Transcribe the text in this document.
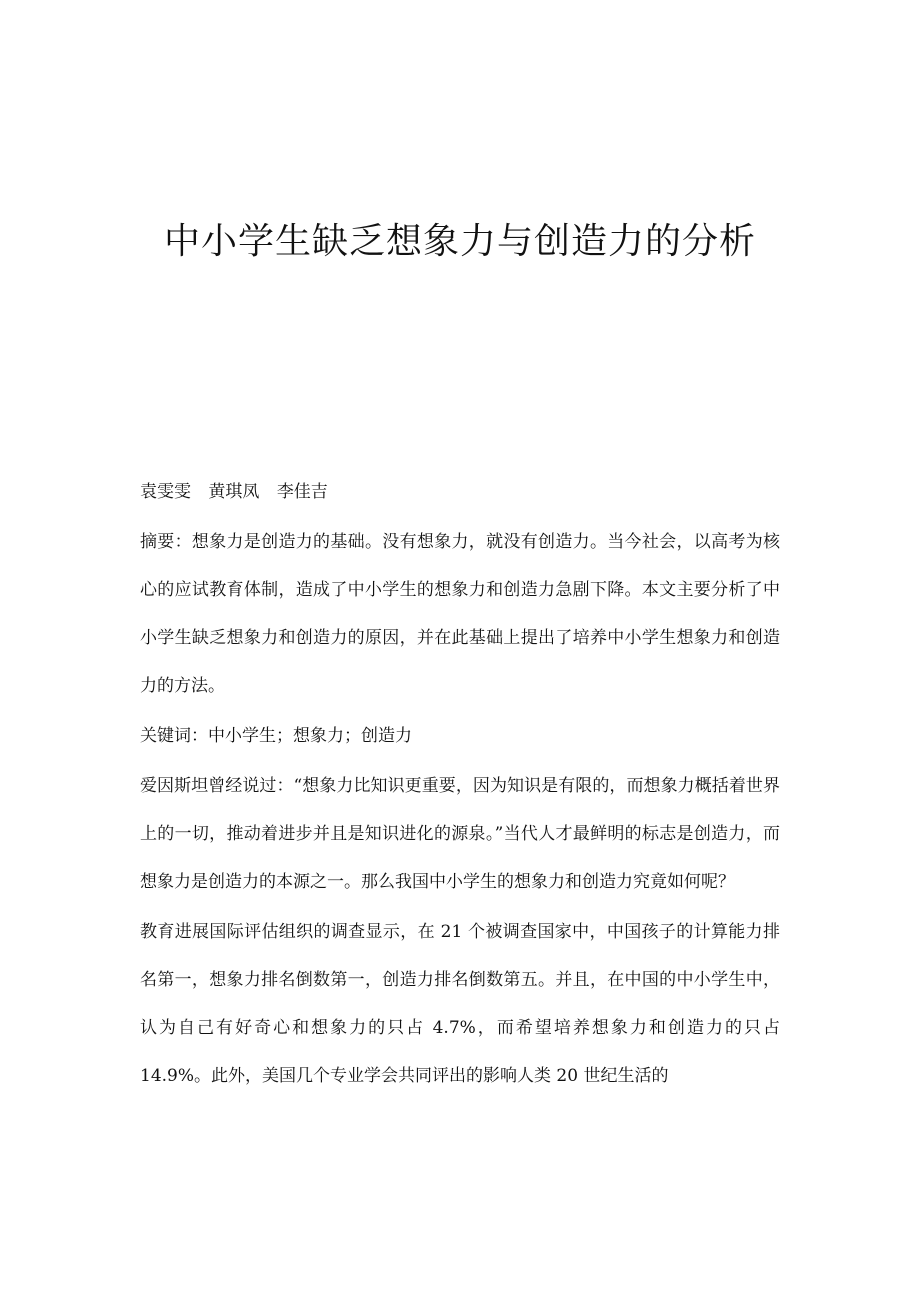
中小学生缺乏想象力与创造力的分析

袁雯雯 黄琪凤 李佳吉

摘要：想象力是创造力的基础。没有想象力，就没有创造力。当今社会，以高考为核心的应试教育体制，造成了中小学生的想象力和创造力急剧下降。本文主要分析了中小学生缺乏想象力和创造力的原因，并在此基础上提出了培养中小学生想象力和创造力的方法。

关键词：中小学生；想象力；创造力

爱因斯坦曾经说过：“想象力比知识更重要，因为知识是有限的，而想象力概括着世界上的一切，推动着进步并且是知识进化的源泉。”当代人才最鲜明的标志是创造力，而想象力是创造力的本源之一。那么我国中小学生的想象力和创造力究竟如何呢？

教育进展国际评估组织的调查显示，在 21 个被调查国家中，中国孩子的计算能力排名第一，想象力排名倒数第一，创造力排名倒数第五。并且，在中国的中小学生中，认为自己有好奇心和想象力的只占 4.7%，而希望培养想象力和创造力的只占 14.9%。此外，美国几个专业学会共同评出的影响人类 20 世纪生活的
